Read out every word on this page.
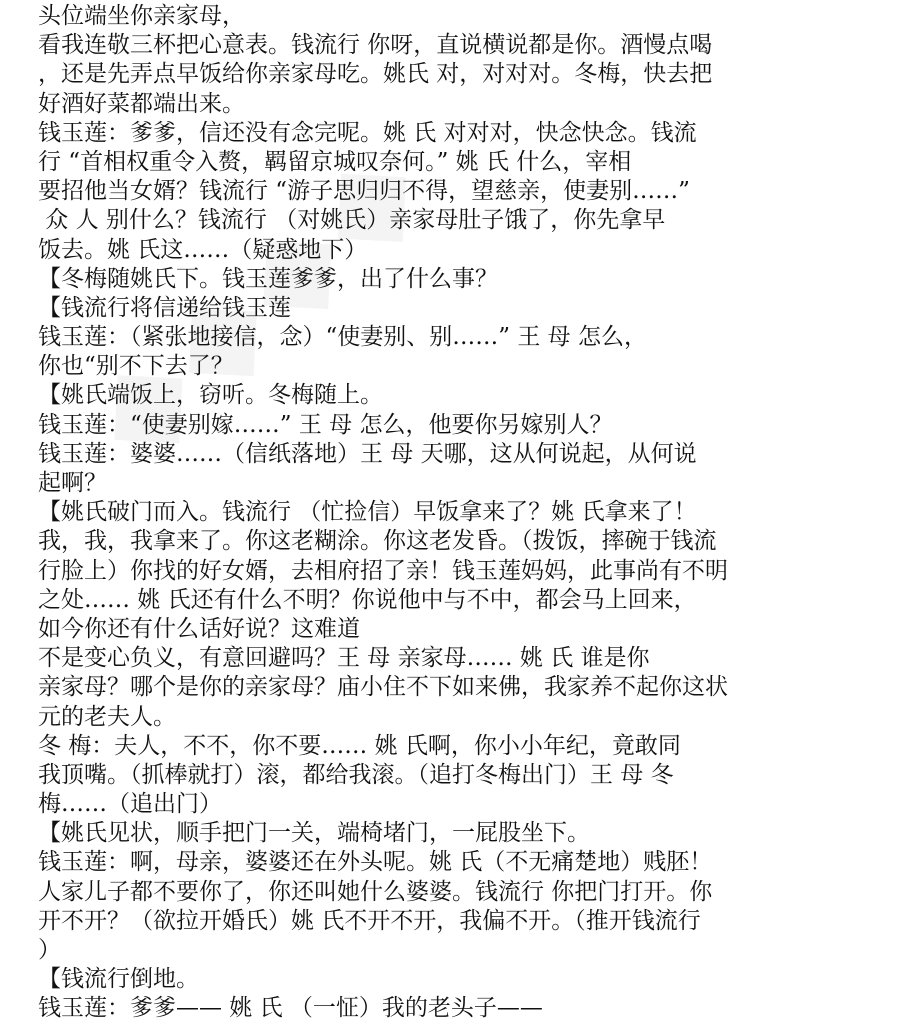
头位端坐你亲家母，
看我连敬三杯把心意表。钱流行 你呀，直说横说都是你。酒慢点喝
，还是先弄点早饭给你亲家母吃。姚氏 对，对对对。冬梅，快去把
好酒好菜都端出来。
钱玉莲：爹爹，信还没有念完呢。姚 氏 对对对，快念快念。钱流
行 “首相权重令入赘，羁留京城叹奈何。” 姚 氏 什么，宰相
要招他当女婿？钱流行 “游子思归归不得，望慈亲，使妻别……”
众 人 别什么？钱流行 （对姚氏）亲家母肚子饿了，你先拿早
饭去。姚 氏这……（疑惑地下）
【冬梅随姚氏下。钱玉莲爹爹，出了什么事？
【钱流行将信递给钱玉莲
钱玉莲：（紧张地接信，念）“使妻别、别……” 王 母 怎么，
你也“别不下去了？
【姚氏端饭上，窃听。冬梅随上。
钱玉莲：“使妻别嫁……” 王 母 怎么，他要你另嫁别人？
钱玉莲：婆婆……（信纸落地）王 母 天哪，这从何说起，从何说
起啊？
【姚氏破门而入。钱流行 （忙捡信）早饭拿来了？姚 氏拿来了！
我，我，我拿来了。你这老糊涂。你这老发昏。（拨饭，摔碗于钱流
行脸上）你找的好女婿，去相府招了亲！钱玉莲妈妈，此事尚有不明
之处…… 姚 氏还有什么不明？你说他中与不中，都会马上回来，
如今你还有什么话好说？这难道
不是变心负义，有意回避吗？王 母 亲家母…… 姚 氏 谁是你
亲家母？哪个是你的亲家母？庙小住不下如来佛，我家养不起你这状
元的老夫人。
冬 梅：夫人，不不，你不要…… 姚 氏啊，你小小年纪，竟敢同
我顶嘴。（抓棒就打）滚，都给我滚。（追打冬梅出门）王 母 冬
梅……（追出门）
【姚氏见状，顺手把门一关，端椅堵门，一屁股坐下。
钱玉莲：啊，母亲，婆婆还在外头呢。姚 氏（不无痛楚地）贱胚！
人家儿子都不要你了，你还叫她什么婆婆。钱流行 你把门打开。你
开不开？（欲拉开婚氏）姚 氏不开不开，我偏不开。（推开钱流行
）
【钱流行倒地。
钱玉莲：爹爹—— 姚 氏 （一怔）我的老头子——
